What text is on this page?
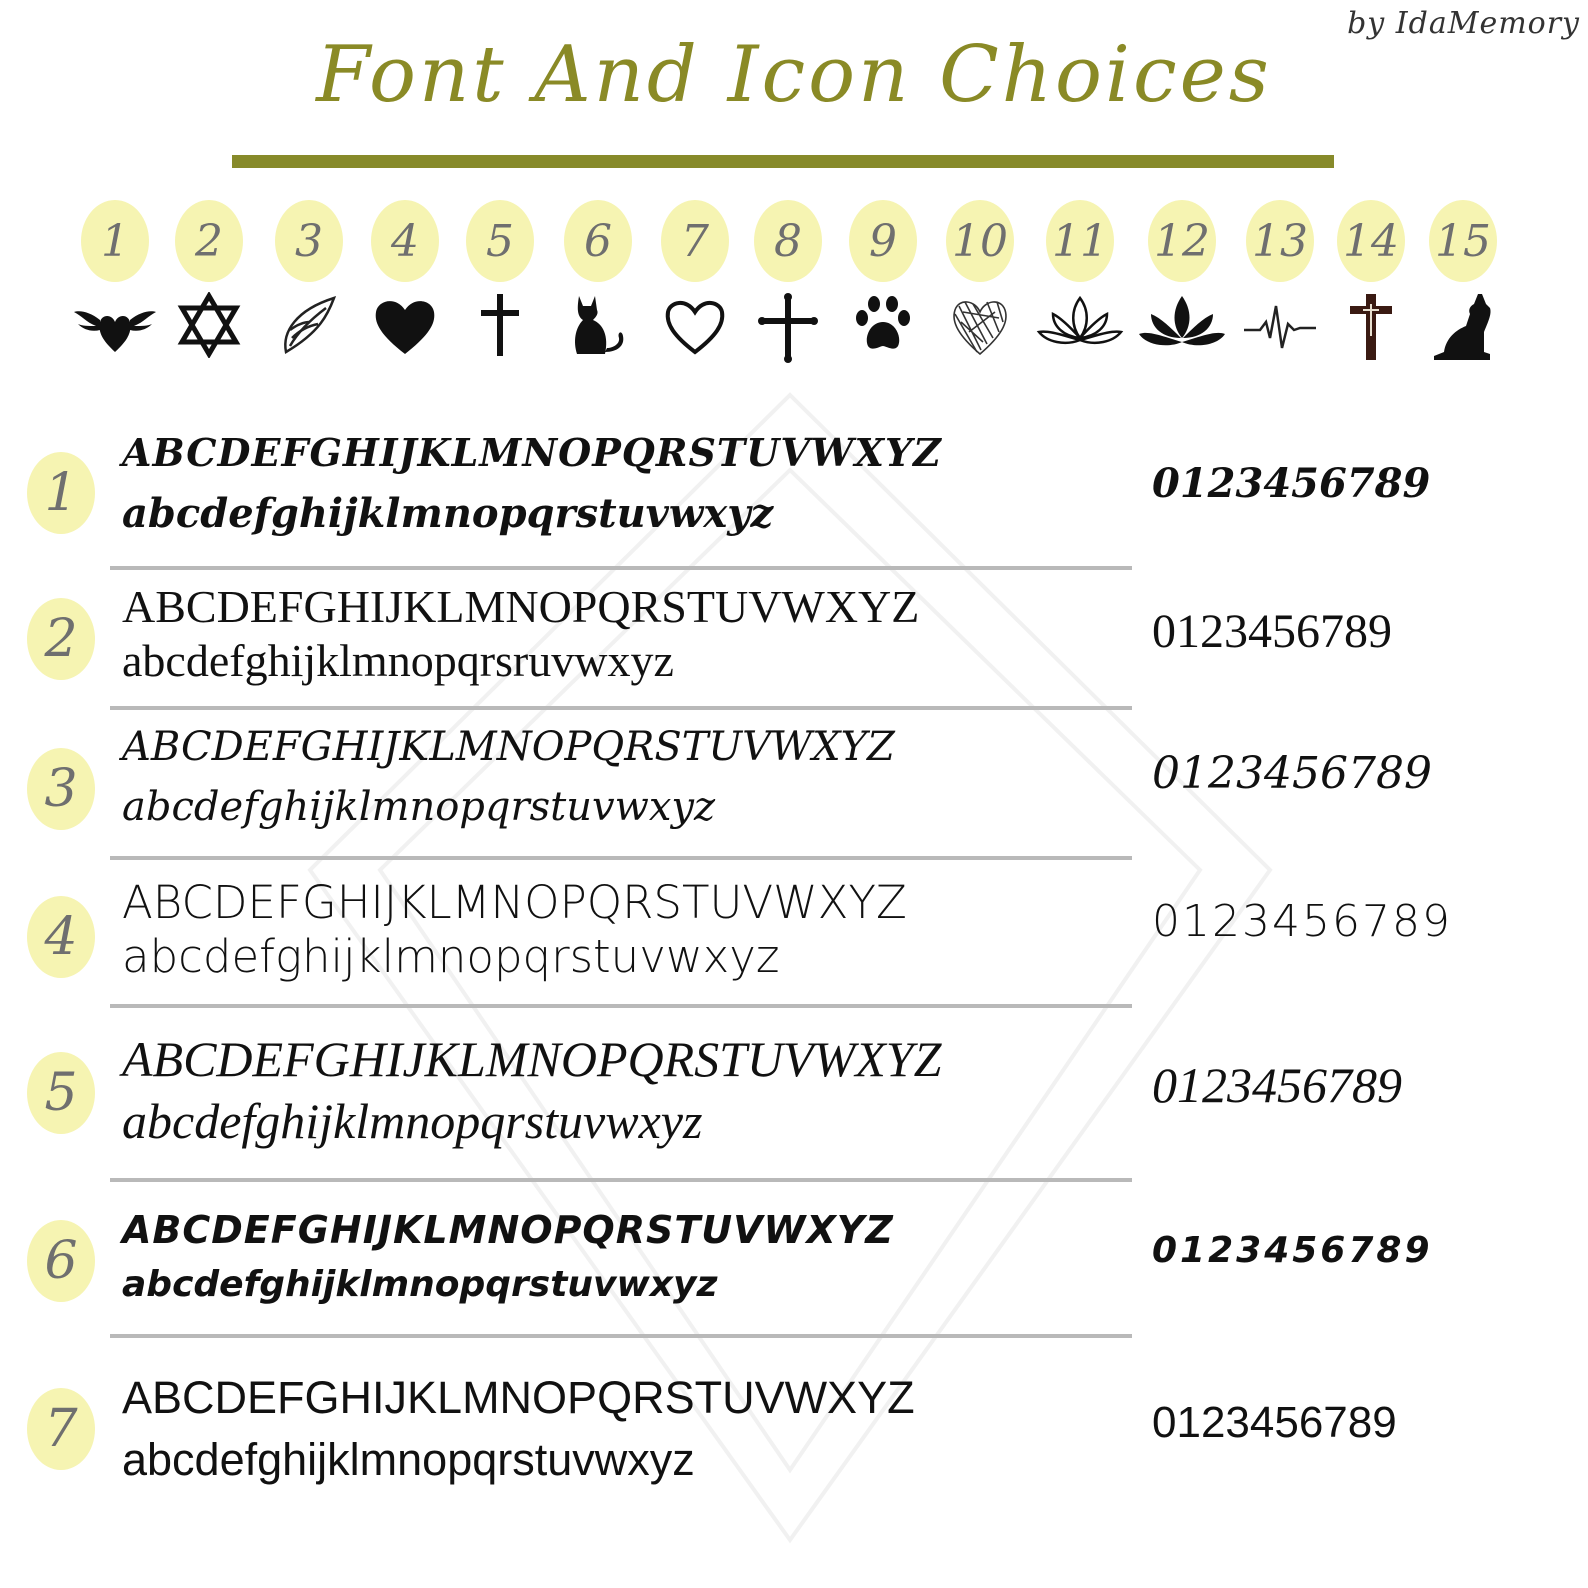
by IdaMemory
Font And Icon Choices
1	2	3	4	5	6	7	8	9	10 11 12 13 14 15
1
ABCDEFGHIJKLMNOPQRSTUVWXYZ
abcdefghijklmnopqrstuvwxyz
0123456789
2
ABCDEFGHIJKLMNOPQRSTUVWXYZ
abcdefghijklmnopqrsruvwxyz
0123456789
3
ABCDEFGHIJKLMNOPQRSTUVWXYZ
abcdefghijklmnopqrstuvwxyz
0123456789
4
ABCDEFGHIJKLMNOPQRSTUVWXYZ
abcdefghijklmnopqrstuvwxyz
0123456789
5
ABCDEFGHIJKLMNOPQRSTUVWXYZ
abcdefghijklmnopqrstuvwxyz
0123456789
6
ABCDEFGHIJKLMNOPQRSTUVWXYZ
abcdefghijklmnopqrstuvwxyz
0123456789
7
ABCDEFGHIJKLMNOPQRSTUVWXYZ
abcdefghijklmnopqrstuvwxyz
0123456789
